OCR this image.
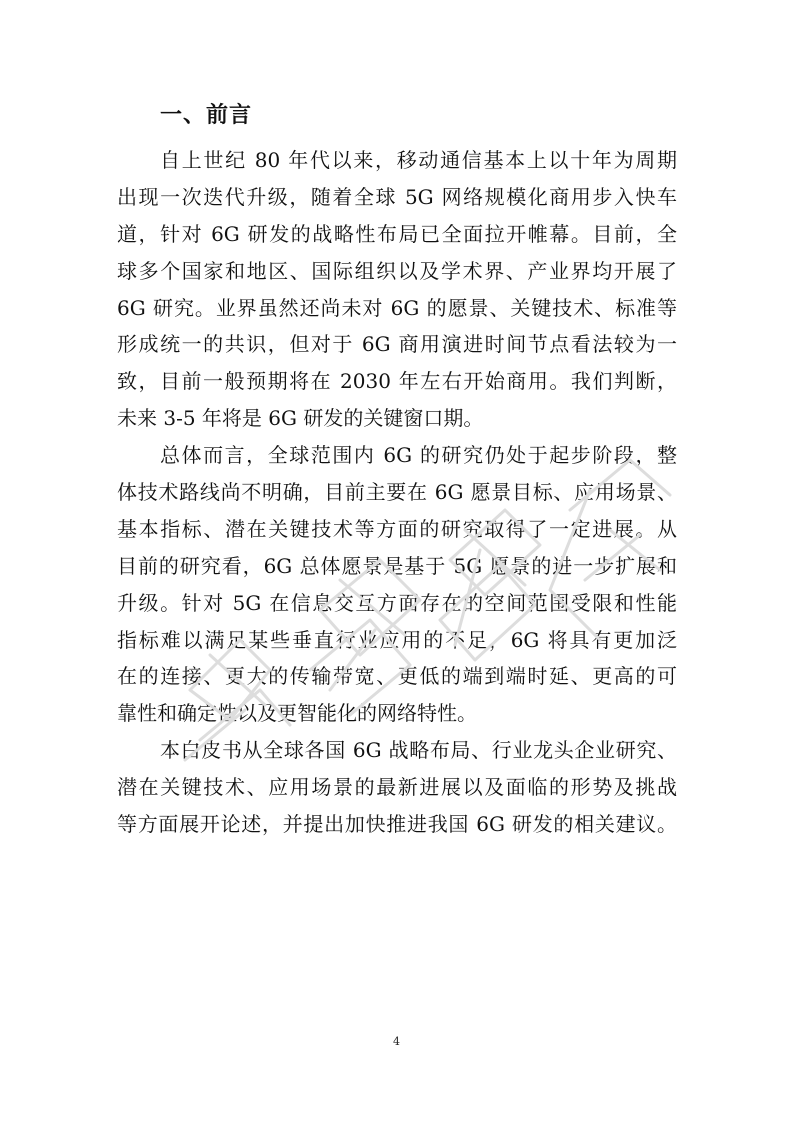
一、前言
自上世纪 80 年代以来，移动通信基本上以十年为周期
出现一次迭代升级，随着全球 5G 网络规模化商用步入快车
道，针对 6G 研发的战略性布局已全面拉开帷幕。目前，全
球多个国家和地区、国际组织以及学术界、产业界均开展了
6G 研究。业界虽然还尚未对 6G 的愿景、关键技术、标准等
形成统一的共识，但对于 6G 商用演进时间节点看法较为一
致，目前一般预期将在 2030 年左右开始商用。我们判断，
未来 3-5 年将是 6G 研发的关键窗口期。
总体而言，全球范围内 6G 的研究仍处于起步阶段，整
体技术路线尚不明确，目前主要在 6G 愿景目标、应用场景、
基本指标、潜在关键技术等方面的研究取得了一定进展。从
目前的研究看，6G 总体愿景是基于 5G 愿景的进一步扩展和
升级。针对 5G 在信息交互方面存在的空间范围受限和性能
指标难以满足某些垂直行业应用的不足，6G 将具有更加泛
在的连接、更大的传输带宽、更低的端到端时延、更高的可
靠性和确定性以及更智能化的网络特性。
本白皮书从全球各国 6G 战略布局、行业龙头企业研究、
潜在关键技术、应用场景的最新进展以及面临的形势及挑战
等方面展开论述，并提出加快推进我国 6G 研发的相关建议。
4
